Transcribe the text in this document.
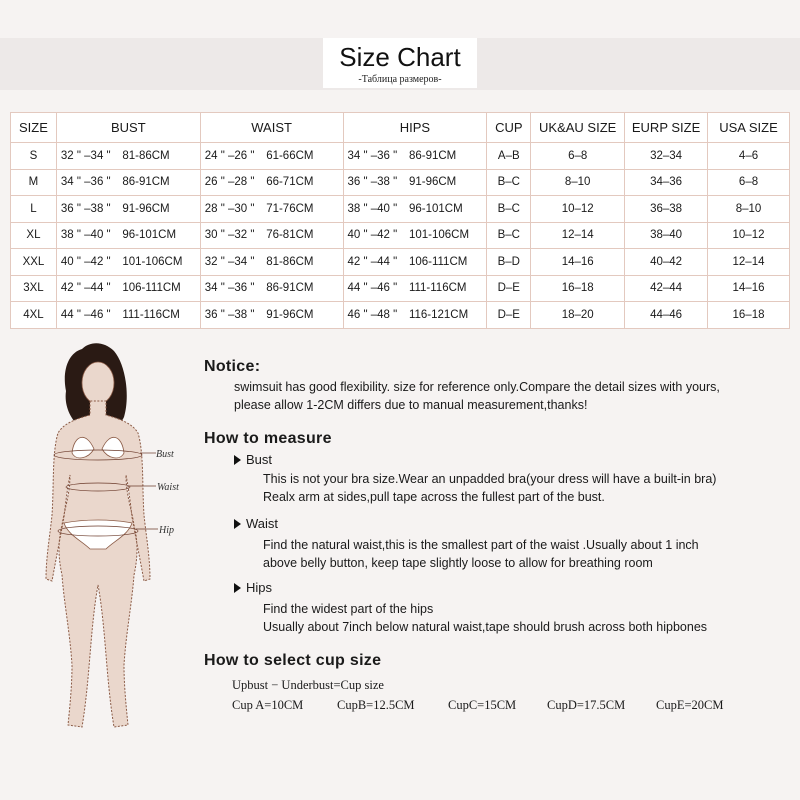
Size Chart
-Таблица размеров-
SIZE	BUST		WAIST		HIPS		CUP	UK&AU SIZE	EURP SIZE	USA SIZE
S	32 " –34 "	81-86CM	24 " –26 "	61-66CM	34 " –36 "	86-91CM	A–B	6–8	32–34	4–6
M	34 " –36 "	86-91CM	26 " –28 "	66-71CM	36 " –38 "	91-96CM	B–C	8–10	34–36	6–8
L	36 " –38 "	91-96CM	28 " –30 "	71-76CM	38 " –40 "	96-101CM	B–C	10–12	36–38	8–10
XL	38 " –40 "	96-101CM	30 " –32 "	76-81CM	40 " –42 "	101-106CM	B–C	12–14	38–40	10–12
XXL	40 " –42 "	101-106CM	32 " –34 "	81-86CM	42 " –44 "	106-111CM	B–D	14–16	40–42	12–14
3XL	42 " –44 "	106-111CM	34 " –36 "	86-91CM	44 " –46 "	111-116CM	D–E	16–18	42–44	14–16
4XL	44 " –46 "	111-116CM	36 " –38 "	91-96CM	46 " –48 "	116-121CM	D–E	18–20	44–46	16–18
Bust
Waist
Hip
Notice:

swimsuit has good flexibility. size for reference only.Compare the detail sizes with yours,

please allow 1-2CM differs due to manual measurement,thanks!

How to measure
Bust

This is not your bra size.Wear an unpadded bra(your dress will have a built-in bra)

Realx arm at sides,pull tape across the fullest part of the bust.

Waist

Find the natural waist,this is the smallest part of the waist .Usually about 1 inch

above belly button, keep tape slightly loose to allow for breathing room

Hips

Find the widest part of the hips

Usually about 7inch below natural waist,tape should brush across both hipbones

How to select cup size

Upbust − Underbust=Cup size

Cup A=10CM	CupB=12.5CM	CupC=15CM CupD=17.5CM CupE=20CM
